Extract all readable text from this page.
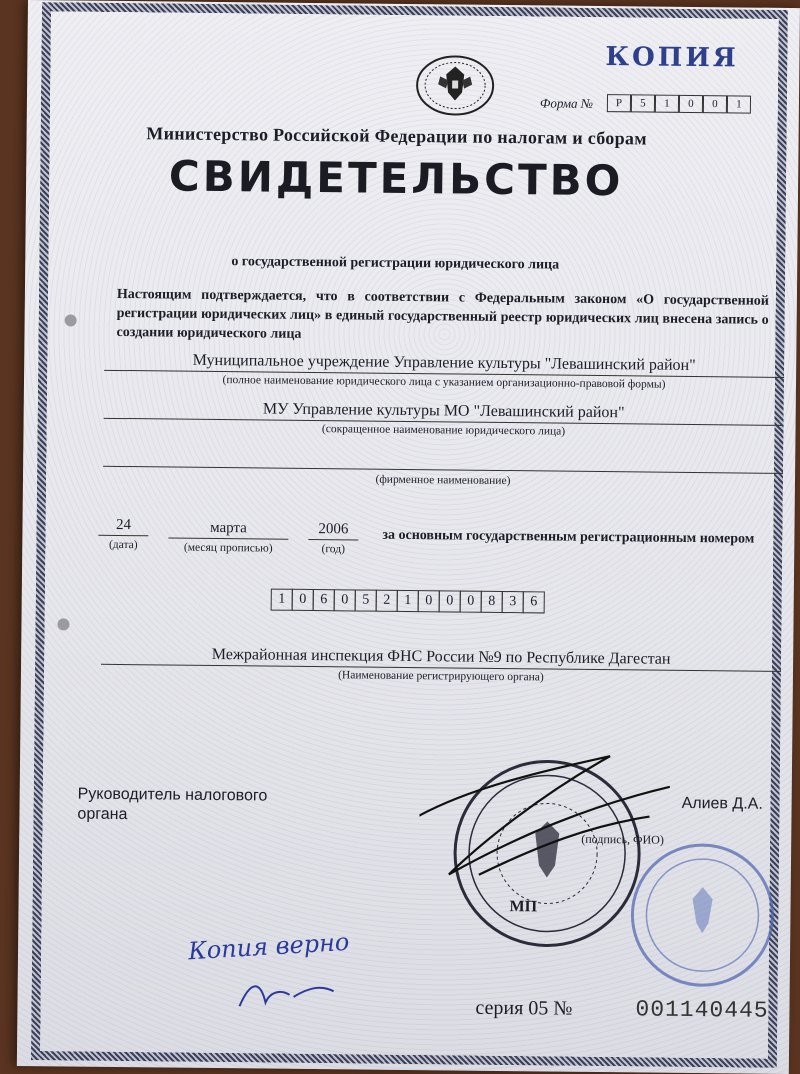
КОПИЯ
Форма №	Р	5	1	0	0	1
Министерство Российской Федерации по налогам и сборам
СВИДЕТЕЛЬСТВО
о государственной регистрации юридического лица
Настоящим подтверждается, что в соответствии с Федеральным законом «О государственной регистрации юридических лиц» в единый государственный реестр юридических лиц внесена запись о создании юридического лица
Муниципальное учреждение Управление культуры "Левашинский район"
(полное наименование юридического лица с указанием организационно-правовой формы)
МУ Управление культуры МО "Левашинский район"
(сокращенное наименование юридического лица)
(фирменное наименование)
24
(дата)
марта
(месяц прописью)
2006
(год)
за основным государственным регистрационным номером
1 0 6 0 5 2 1 0 0 0 8 3 6
Межрайонная инспекция ФНС России №9 по Республике Дагестан
(Наименование регистрирующего органа)
Руководитель налогового органа
Алиев Д.А.
(подпись, ФИО)
МП
Копия верно
серия 05 №	001140445
